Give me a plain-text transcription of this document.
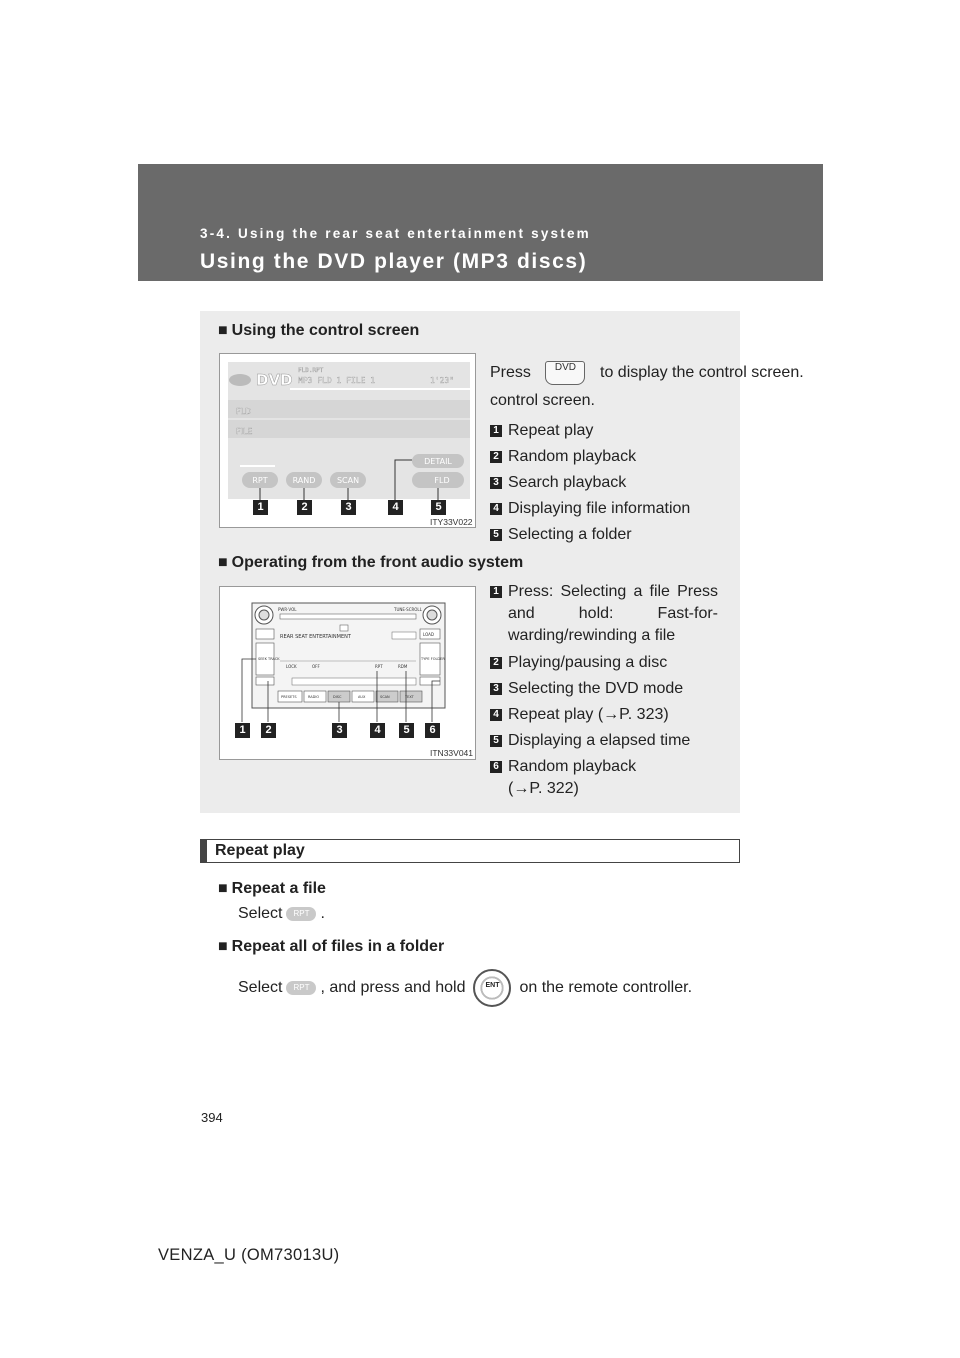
3-4. Using the rear seat entertainment system
Using the DVD player (MP3 discs)
■ Using the control screen
DVD
FLD.RPT
MP3 FLD 1 FILE 1	1'23"
FLD
FILE
RPT	RAND	SCAN
DETAIL
FLD
1	2	3	4	5
ITY33V022
Press	DVD	to display the control screen.
control screen.
1 Repeat play
2 Random playback
3 Search playback
4 Displaying file information
5 Selecting a folder
■ Operating from the front audio system
PWR·VOL	TUNE·SCROLL
LOAD
REAR SEAT ENTERTAINMENT
SEEK TRACK	TYPE FOLDER
LOCK	OFF	RPT	RDM
PRESETS	RADIO	DISC	AUX	SCAN	TEXT
1	2	3	4	5	6
ITN33V041
1 Press: Selecting a file Press and hold: Fast-for-warding/rewinding a file
2 Playing/pausing a disc
3 Selecting the DVD mode
4 Repeat play (→P. 323)
5 Displaying a elapsed time
6 Random playback (→P. 322)
Repeat play
■ Repeat a file
Select RPT .
■ Repeat all of files in a folder
Select RPT , and press and hold	ENT	on the remote controller.
394
VENZA_U (OM73013U)
